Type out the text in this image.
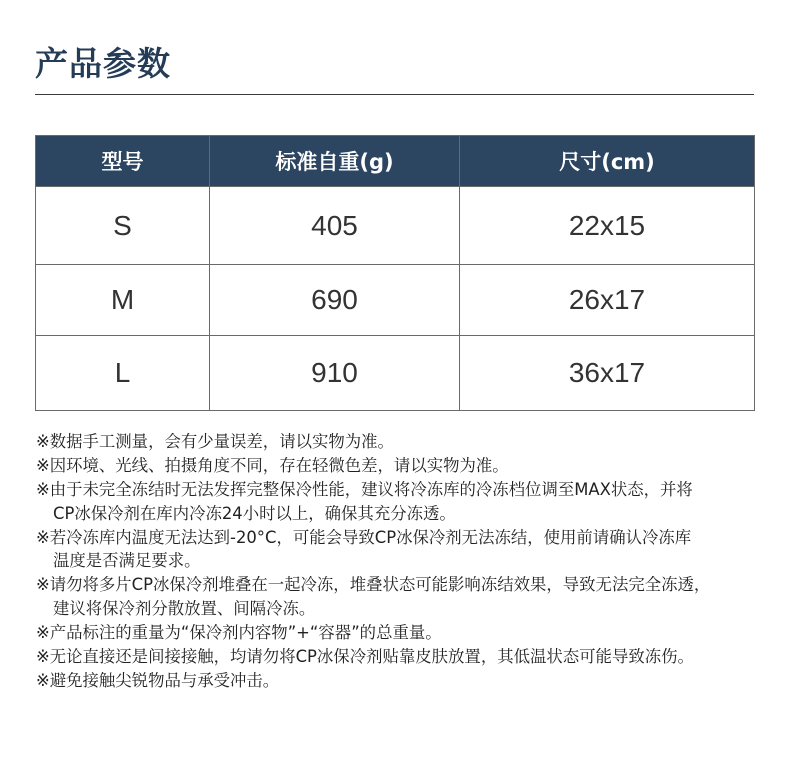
产品参数
型号	标准自重(g)	尺寸(cm)
S	405	22x15
M	690	26x17
L	910	36x17
※数据手工测量，会有少量误差，请以实物为准。
※因环境、光线、拍摄角度不同，存在轻微色差，请以实物为准。
※由于未完全冻结时无法发挥完整保冷性能，建议将冷冻库的冷冻档位调至MAX状态，并将
CP冰保冷剂在库内冷冻24小时以上，确保其充分冻透。
※若冷冻库内温度无法达到-20°C，可能会导致CP冰保冷剂无法冻结，使用前请确认冷冻库
温度是否满足要求。
※请勿将多片CP冰保冷剂堆叠在一起冷冻，堆叠状态可能影响冻结效果，导致无法完全冻透，
建议将保冷剂分散放置、间隔冷冻。
※产品标注的重量为“保冷剂内容物”+“容器”的总重量。
※无论直接还是间接接触，均请勿将CP冰保冷剂贴靠皮肤放置，其低温状态可能导致冻伤。
※避免接触尖锐物品与承受冲击。
